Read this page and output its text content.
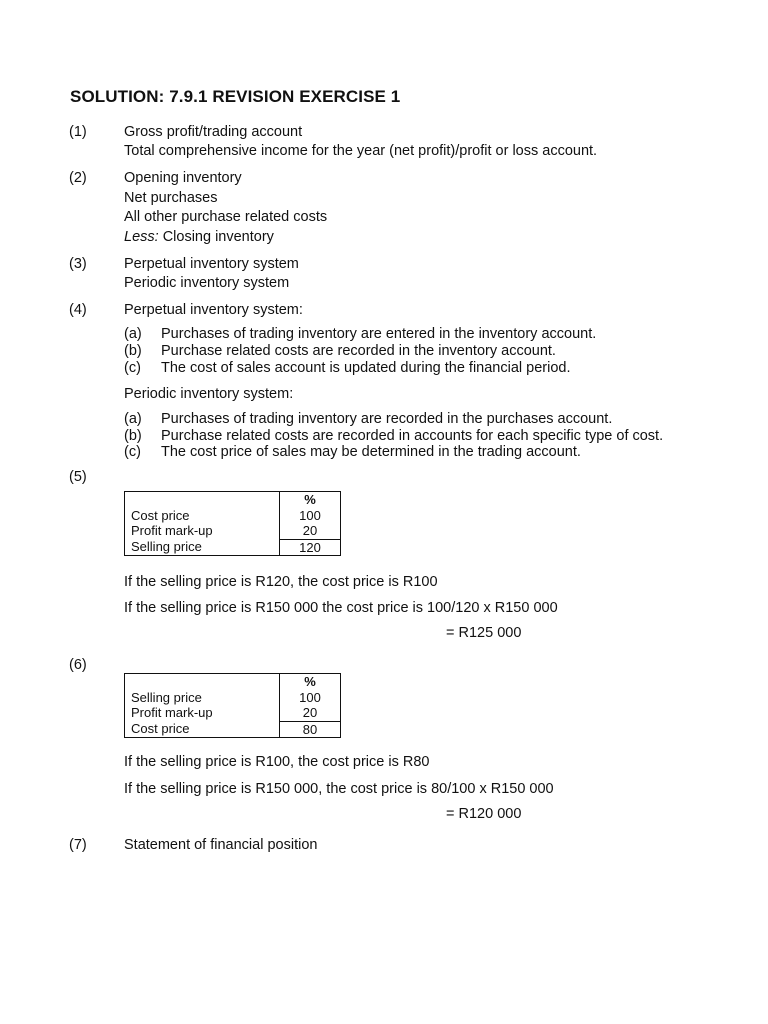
SOLUTION: 7.9.1 REVISION EXERCISE 1
(1)	Gross profit/trading account
Total comprehensive income for the year (net profit)/profit or loss account.
(2)	Opening inventory
Net purchases
All other purchase related costs
Less: Closing inventory
(3)	Perpetual inventory system
Periodic inventory system
(4)	Perpetual inventory system:
(a) Purchases of trading inventory are entered in the inventory account.
(b) Purchase related costs are recorded in the inventory account.
(c) The cost of sales account is updated during the financial period.
Periodic inventory system:
(a) Purchases of trading inventory are recorded in the purchases account.
(b) Purchase related costs are recorded in accounts for each specific type of cost.
(c) The cost price of sales may be determined in the trading account.
(5)
	%
Cost price	100
Profit mark-up	20
Selling price	120
If the selling price is R120, the cost price is R100
If the selling price is R150 000 the cost price is 100/120 x R150 000
= R125 000
(6)
	%
Selling price	100
Profit mark-up	20
Cost price	80
If the selling price is R100, the cost price is R80
If the selling price is R150 000, the cost price is 80/100 x R150 000
= R120 000
(7)	Statement of financial position
